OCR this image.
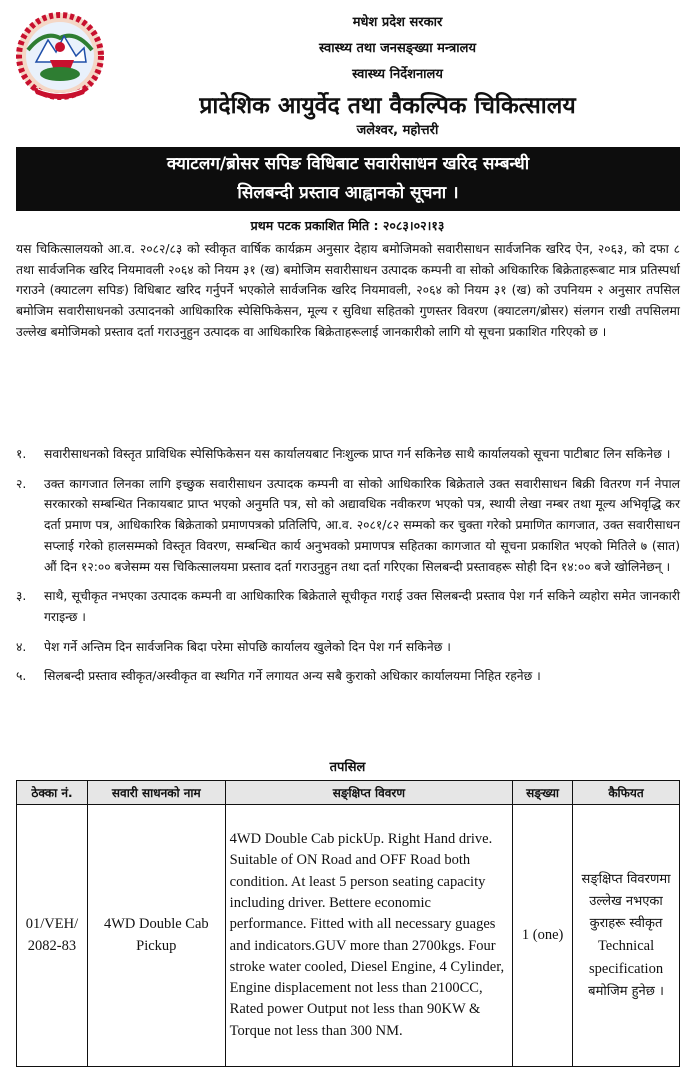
मधेश प्रदेश सरकार
स्वास्थ्य तथा जनसङ्ख्या मन्त्रालय
स्वास्थ्य निर्देशनालय
प्रादेशिक आयुर्वेद तथा वैकल्पिक चिकित्सालय
जलेश्वर, महोत्तरी
क्याटलग/ब्रोसर सपिङ विधिबाट सवारीसाधन खरिद सम्बन्धी
सिलबन्दी प्रस्ताव आह्वानको सूचना ।
प्रथम पटक प्रकाशित मिति : २०८३।०२।१३
यस चिकित्सालयको आ.व. २०८२/८३ को स्वीकृत वार्षिक कार्यक्रम अनुसार देहाय बमोजिमको सवारीसाधन सार्वजनिक खरिद ऐन, २०६३, को दफा ८ तथा सार्वजनिक खरिद नियमावली २०६४ को नियम ३१ (ख) बमोजिम सवारीसाधन उत्पादक कम्पनी वा सोको अधिकारिक बिक्रेताहरूबाट मात्र प्रतिस्पर्धा गराउने (क्याटलग सपिङ) विधिबाट खरिद गर्नुपर्ने भएकोले सार्वजनिक खरिद नियमावली, २०६४ को नियम ३१ (ख) को उपनियम २ अनुसार तपसिल बमोजिम सवारीसाधनको उत्पादनको आधिकारिक स्पेसिफिकेसन, मूल्य र सुविधा सहितको गुणस्तर विवरण (क्याटलग/ब्रोसर) संलगन राखी तपसिलमा उल्लेख बमोजिमको प्रस्ताव दर्ता गराउनुहुन उत्पादक वा आधिकारिक बिक्रेताहरूलाई जानकारीको लागि यो सूचना प्रकाशित गरिएको छ ।
१. सवारीसाधनको विस्तृत प्राविधिक स्पेसिफिकेसन यस कार्यालयबाट निःशुल्क प्राप्त गर्न सकिनेछ साथै कार्यालयको सूचना पाटीबाट लिन सकिनेछ ।
२. उक्त कागजात लिनका लागि इच्छुक सवारीसाधन उत्पादक कम्पनी वा सोको आधिकारिक बिक्रेताले उक्त सवारीसाधन बिक्री वितरण गर्न नेपाल सरकारको सम्बन्धित निकायबाट प्राप्त भएको अनुमति पत्र, सो को अद्यावधिक नवीकरण भएको पत्र, स्थायी लेखा नम्बर तथा मूल्य अभिवृद्धि कर दर्ता प्रमाण पत्र, आधिकारिक बिक्रेताको प्रमाणपत्रको प्रतिलिपि, आ.व. २०८१/८२ सम्मको कर चुक्ता गरेको प्रमाणित कागजात, उक्त सवारीसाधन सप्लाई गरेको हालसम्मको विस्तृत विवरण, सम्बन्धित कार्य अनुभवको प्रमाणपत्र सहितका कागजात यो सूचना प्रकाशित भएको मितिले ७ (सात) औं दिन १२:०० बजेसम्म यस चिकित्सालयमा प्रस्ताव दर्ता गराउनुहुन तथा दर्ता गरिएका सिलबन्दी प्रस्तावहरू सोही दिन १४:०० बजे खोलिनेछन् ।
३. साथै, सूचीकृत नभएका उत्पादक कम्पनी वा आधिकारिक बिक्रेताले सूचीकृत गराई उक्त सिलबन्दी प्रस्ताव पेश गर्न सकिने व्यहोरा समेत जानकारी गराइन्छ ।
४. पेश गर्ने अन्तिम दिन सार्वजनिक बिदा परेमा सोपछि कार्यालय खुलेको दिन पेश गर्न सकिनेछ ।
५. सिलबन्दी प्रस्ताव स्वीकृत/अस्वीकृत वा स्थगित गर्ने लगायत अन्य सबै कुराको अधिकार कार्यालयमा निहित रहनेछ ।
तपसिल
ठेक्का नं.	सवारी साधनको नाम	सङ्क्षिप्त विवरण	सङ्ख्या	कैफियत
01/VEH/ 2082-83	4WD Double Cab Pickup	4WD Double Cab pickUp. Right Hand drive. Suitable of ON Road and OFF Road both condition. At least 5 person seating capacity including driver. Bettere economic performance. Fitted with all necessary guages and indicators.GUV more than 2700kgs. Four stroke water cooled, Diesel Engine, 4 Cylinder, Engine displacement not less than 2100CC, Rated power Output not less than 90KW & Torque not less than 300 NM.	1 (one)	सङ्क्षिप्त विवरणमा उल्लेख नभएका कुराहरू स्वीकृत Technical specification बमोजिम हुनेछ ।
